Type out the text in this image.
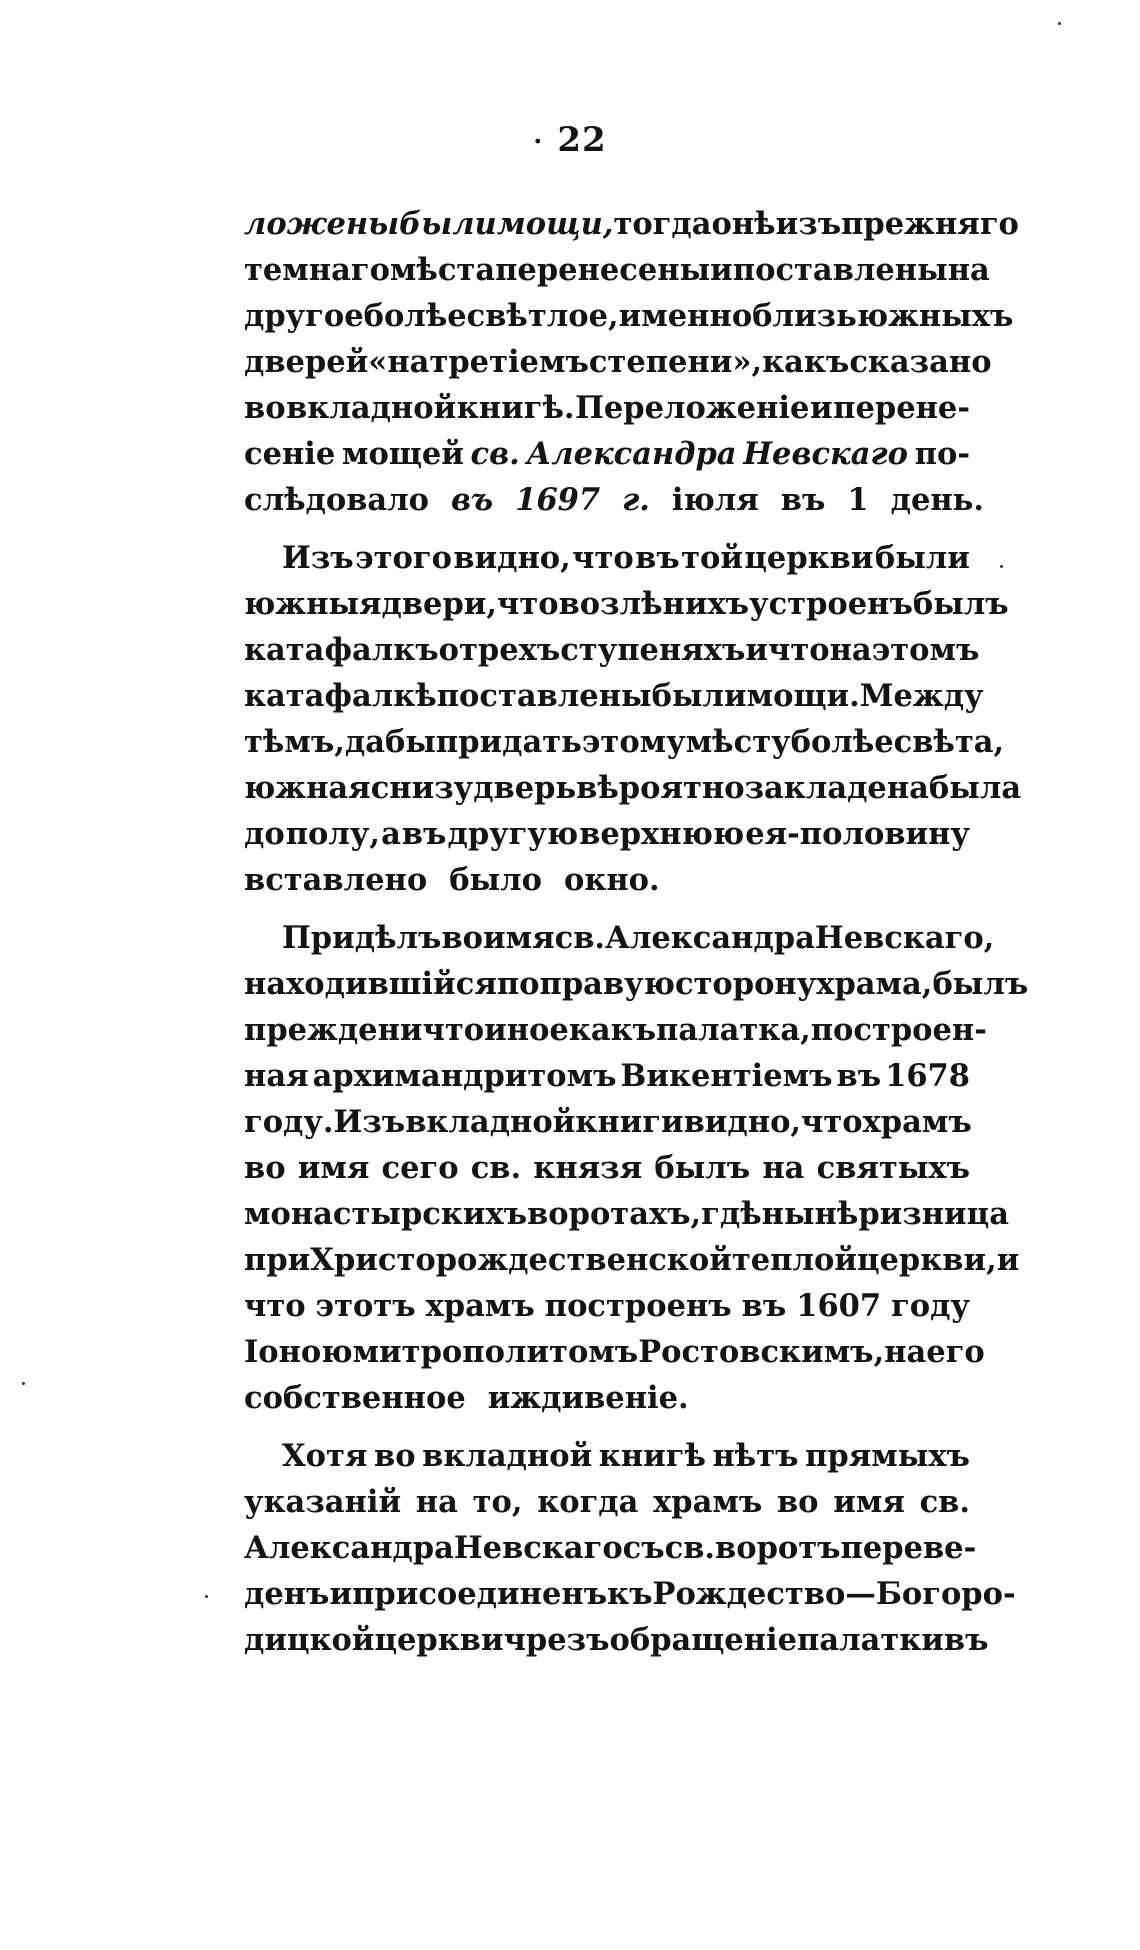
· 22
ложены были мощи, тогда онѣ изъ прежняго
темнаго мѣста перенесены и поставлены на
другое болѣе свѣтлое, именно близь южныхъ
дверей «на третіемъ степени», какъ сказано
во вкладной книгѣ. Переложеніе и перене-
сеніе мощей св. Александра Невскаго по-
слѣдовало въ 1697 г. іюля въ 1 день.
Изъ этого видно, что въ той церкви были
южныя двери, что возлѣ нихъ устроенъ былъ
катафалкъ о трехъ ступеняхъ и что на этомъ
катафалкѣ поставлены были мощи. Между
тѣмъ, дабы придать этому мѣсту болѣе свѣта,
южная снизу дверь вѣроятно закладена была
до полу, а въ другую верхнюю ея-половину
вставлено было окно.
Придѣлъ во имя св. Александра Невскаго,
находившійся по правую сторону храма, былъ
прежде ни что иное какъ палатка, построен-
ная архимандритомъ Викентіемъ въ 1678
году. Изъ вкладной книги видно, что храмъ
во имя сего св. князя былъ на святыхъ
монастырскихъ воротахъ, гдѣ нынѣ ризница
при Христорождественской теплой церкви, и
что этотъ храмъ построенъ въ 1607 году
Іоною митрополитомъ Ростовскимъ, на его
собственное иждивеніе.
Хотя во вкладной книгѣ нѣтъ прямыхъ
указаній на то, когда храмъ во имя св.
Александра Невскаго съ св. воротъ переве-
денъ и присоединенъ къ Рождество—Богоро-
дицкой церкви чрезъ обращеніе палатки въ
